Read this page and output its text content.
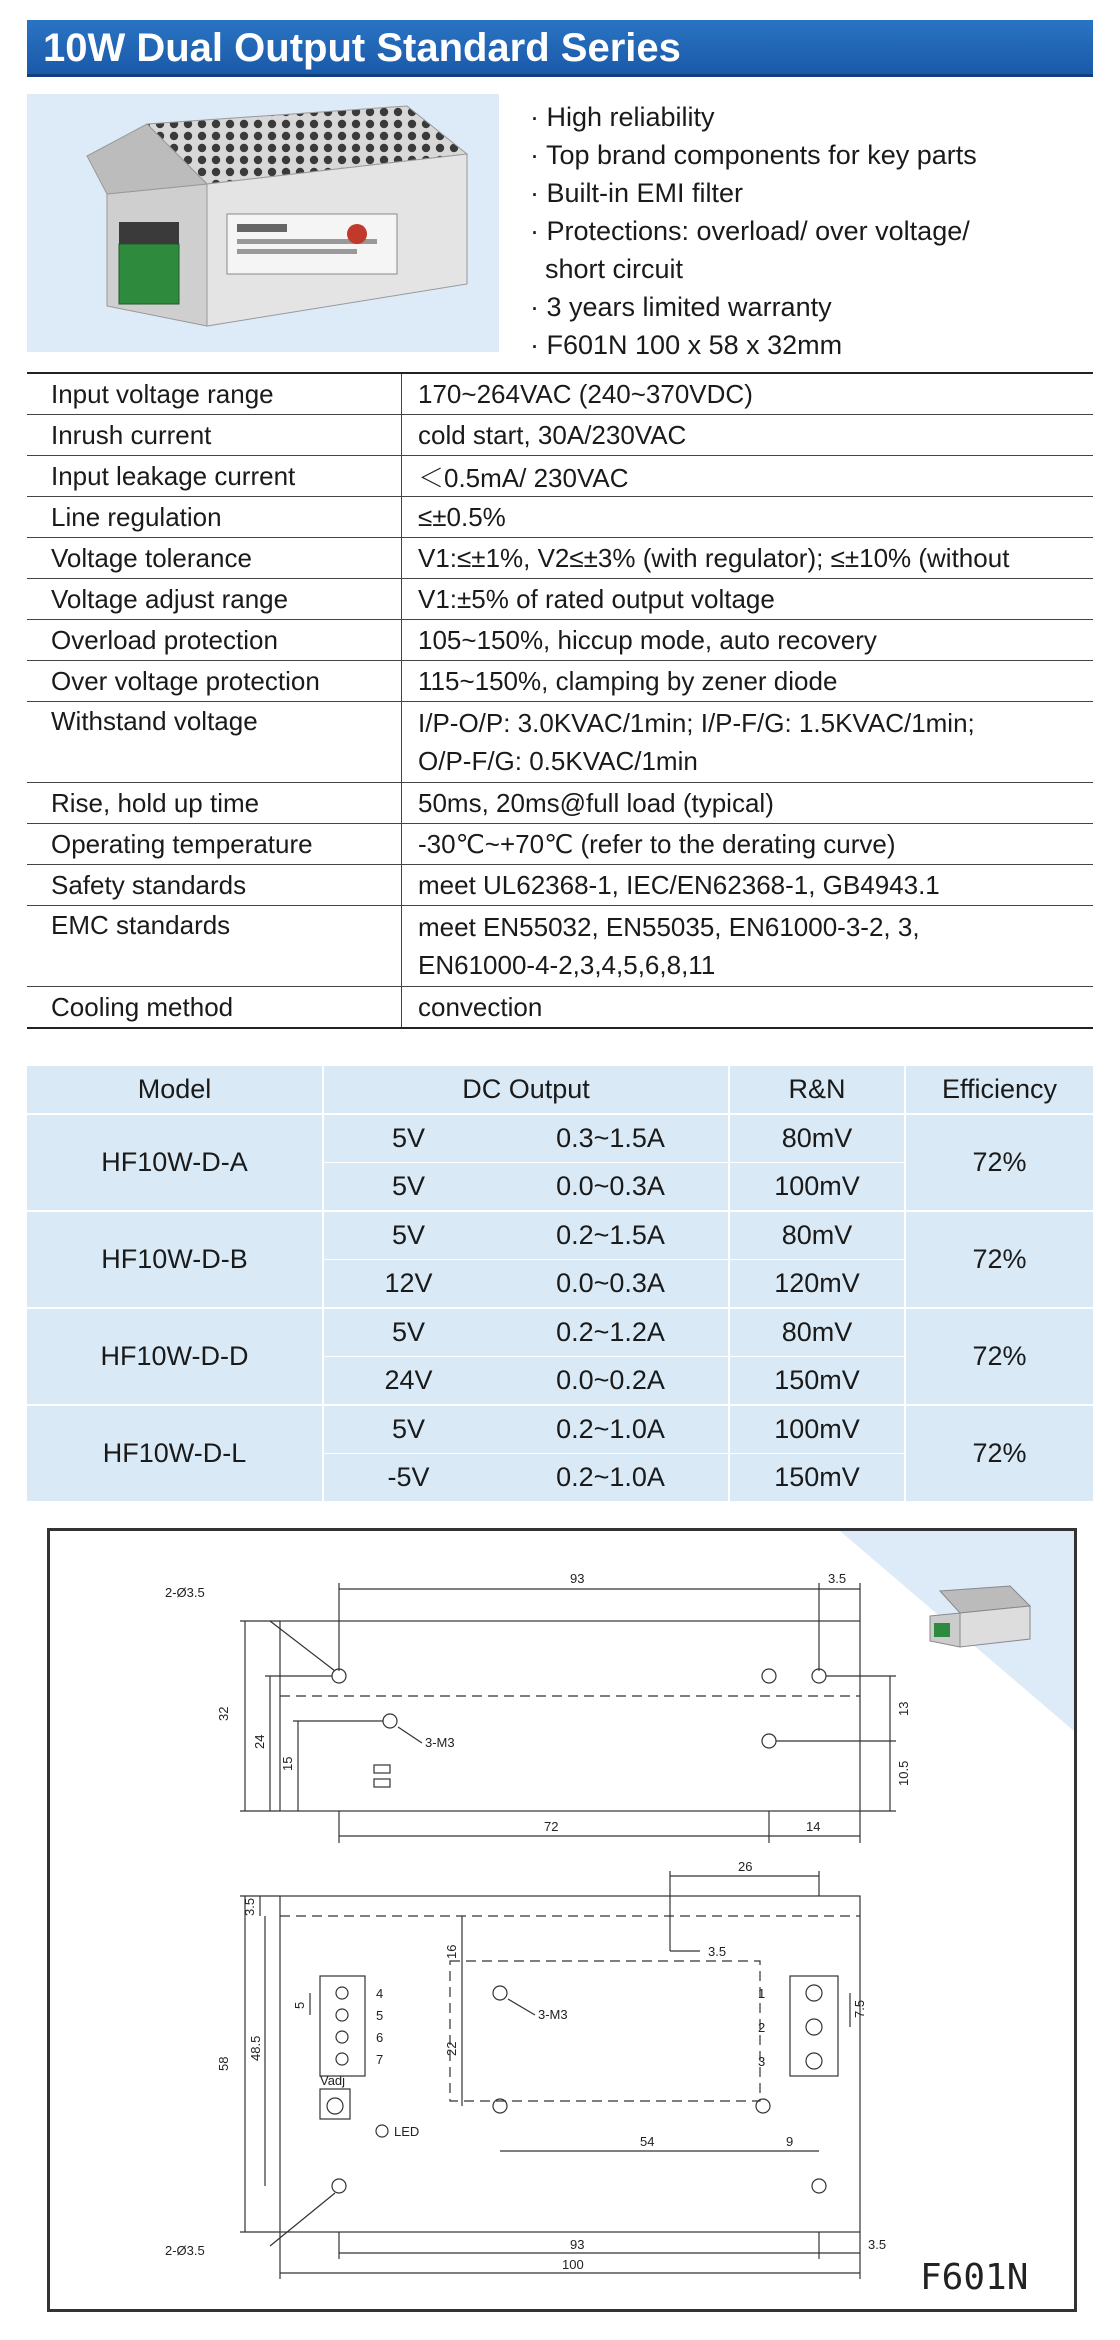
10W Dual Output Standard Series
· High reliability
· Top brand components for key parts
· Built-in EMI filter
· Protections: overload/ over voltage/
short circuit
· 3 years limited warranty
· F601N 100 x 58 x 32mm
Input voltage range	170~264VAC (240~370VDC)
Inrush current	cold start, 30A/230VAC
Input leakage current	＜0.5mA/ 230VAC
Line regulation	≤±0.5%
Voltage tolerance	V1:≤±1%, V2≤±3% (with regulator); ≤±10% (without
Voltage adjust range	V1:±5% of rated output voltage
Overload protection	105~150%, hiccup mode, auto recovery
Over voltage protection	115~150%, clamping by zener diode
Withstand voltage	I/P-O/P: 3.0KVAC/1min; I/P-F/G: 1.5KVAC/1min;
O/P-F/G: 0.5KVAC/1min

Rise, hold up time	50ms, 20ms@full load (typical)
Operating temperature	-30℃~+70℃ (refer to the derating curve)
Safety standards	meet UL62368-1, IEC/EN62368-1, GB4943.1
EMC standards	meet EN55032, EN55035, EN61000-3-2, 3,
EN61000-4-2,3,4,5,6,8,11

Cooling method	convection
Model	DC Output		R&N	Efficiency
HF10W-D-A	5V	0.3~1.5A	80mV	72%
	5V	0.0~0.3A	100mV	
HF10W-D-B	5V	0.2~1.5A	80mV	72%
	12V	0.0~0.3A	120mV	
HF10W-D-D	5V	0.2~1.2A	80mV	72%
	24V	0.0~0.2A	150mV	
HF10W-D-L	5V	0.2~1.0A	100mV	72%
	-5V	0.2~1.0A	150mV	
2-Ø3.5
93	3.5
32
24
15
3-M3
13
10.5
72	14
26
3.5
3.5
16
22
58
48.5
5	7.5
54	9
93	3.5
100
3-M3
4
5
6
7
1
2
3
Vadj
LED
2-Ø3.5
F601N
